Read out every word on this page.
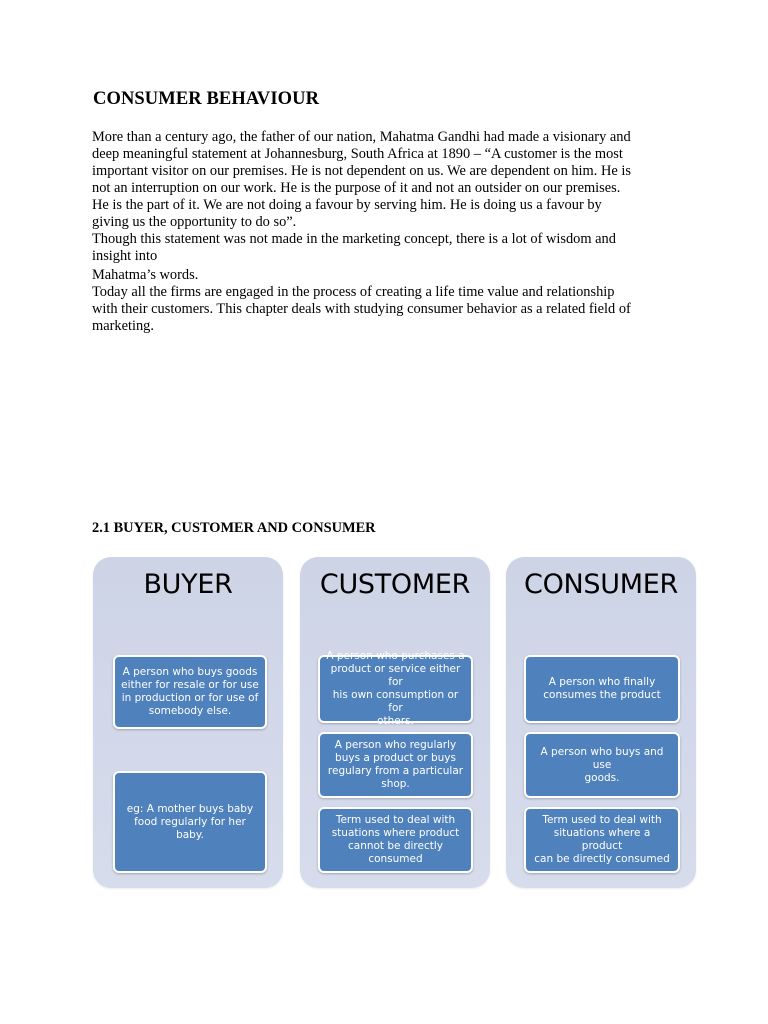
CONSUMER BEHAVIOUR
More than a century ago, the father of our nation, Mahatma Gandhi had made a visionary and
deep meaningful statement at Johannesburg, South Africa at 1890 – “A customer is the most
important visitor on our premises. He is not dependent on us. We are dependent on him. He is
not an interruption on our work. He is the purpose of it and not an outsider on our premises.
He is the part of it. We are not doing a favour by serving him. He is doing us a favour by
giving us the opportunity to do so”.
Though this statement was not made in the marketing concept, there is a lot of wisdom and
insight into
Mahatma’s words.
Today all the firms are engaged in the process of creating a life time value and relationship
with their customers. This chapter deals with studying consumer behavior as a related field of
marketing.
2.1 BUYER, CUSTOMER AND CONSUMER
BUYER
A person who buys goods
either for resale or for use
in production or for use of
somebody else.
eg: A mother buys baby
food regularly for her baby.
CUSTOMER
A person who purchases a
product or service either for
his own consumption or for
others.
A person who regularly
buys a product or buys
regulary from a particular
shop.
Term used to deal with
stuations where product
cannot be directly
consumed
CONSUMER
A person who finally
consumes the product
A person who buys and use
goods.
Term used to deal with
situations where a product
can be directly consumed
